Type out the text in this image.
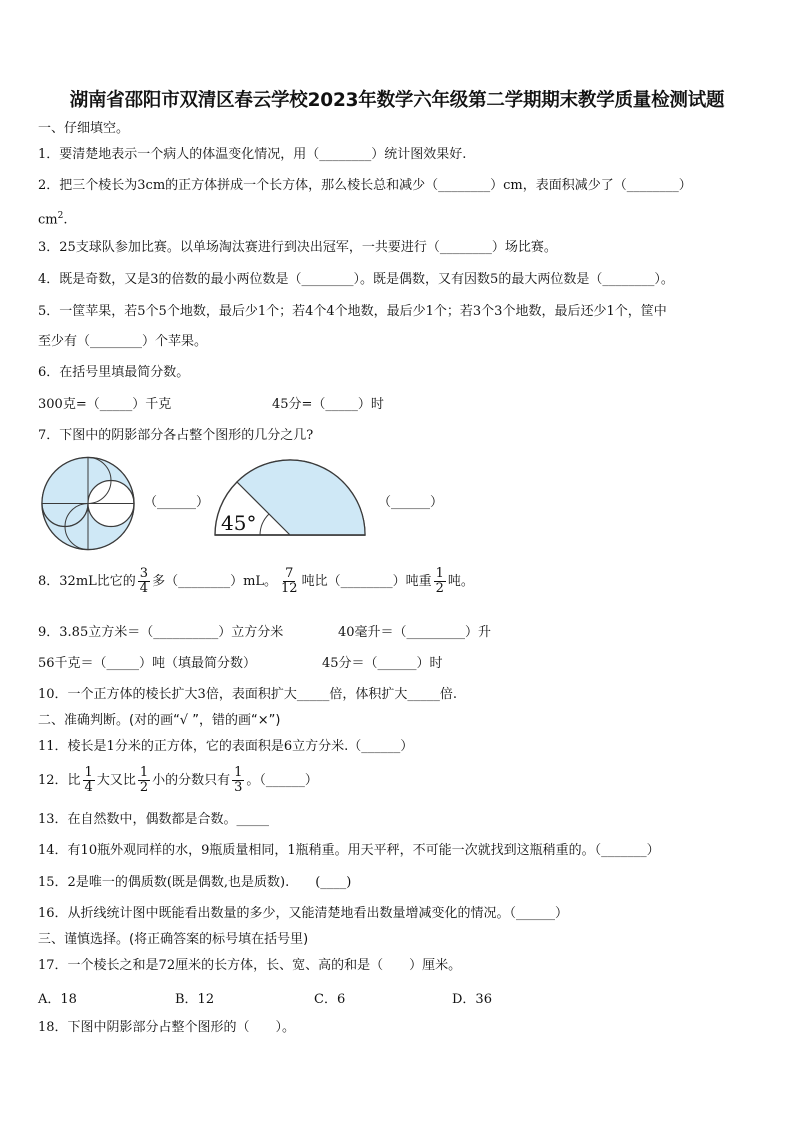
湖南省邵阳市双清区春云学校2023年数学六年级第二学期期末教学质量检测试题
一、仔细填空。
1．要清楚地表示一个病人的体温变化情况，用（________）统计图效果好.
2．把三个棱长为3cm的正方体拼成一个长方体，那么棱长总和减少（________）cm，表面积减少了（________）
$cm^2$.
3．25支球队参加比赛。以单场淘汰赛进行到决出冠军，一共要进行（________）场比赛。
4．既是奇数，又是3的倍数的最小两位数是（________）。既是偶数，又有因数5的最大两位数是（________）。
5．一筐苹果，若5个5个地数，最后少1个；若4个4个地数，最后少1个；若3个3个地数，最后还少1个，筐中
至少有（________）个苹果。
6．在括号里填最简分数。
300克=（_____）千克	45分=（_____）时
7．下图中的阴影部分各占整个图形的几分之几?
（______）
45°
（______）
8．32mL比它的 $\frac{3}{4}$ 多（________）mL。 $\frac{7}{12}$ 吨比（________）吨重 $\frac{1}{2}$ 吨。
9．3.85立方米＝（__________）立方分米	40毫升＝（_________）升
56千克＝（_____）吨（填最简分数）	45分＝（______）时
10．一个正方体的棱长扩大3倍，表面积扩大_____倍，体积扩大_____倍.
二、准确判断。(对的画“√ ”，错的画“×”)
11．棱长是1分米的正方体，它的表面积是6立方分米.（______）
12．比 $\frac{1}{4}$ 大又比 $\frac{1}{2}$ 小的分数只有 $\frac{1}{3}$ 。（______）
13．在自然数中，偶数都是合数。_____
14．有10瓶外观同样的水，9瓶质量相同，1瓶稍重。用天平秤，不可能一次就找到这瓶稍重的。（_______）
15．2是唯一的偶质数(既是偶数,也是质数).　　(____)
16．从折线统计图中既能看出数量的多少，又能清楚地看出数量增减变化的情况。（______）
三、谨慎选择。(将正确答案的标号填在括号里)
17．一个棱长之和是72厘米的长方体，长、宽、高的和是（　　）厘米。
A．18	B．12	C．6	D．36
18．下图中阴影部分占整个图形的（　　）。
